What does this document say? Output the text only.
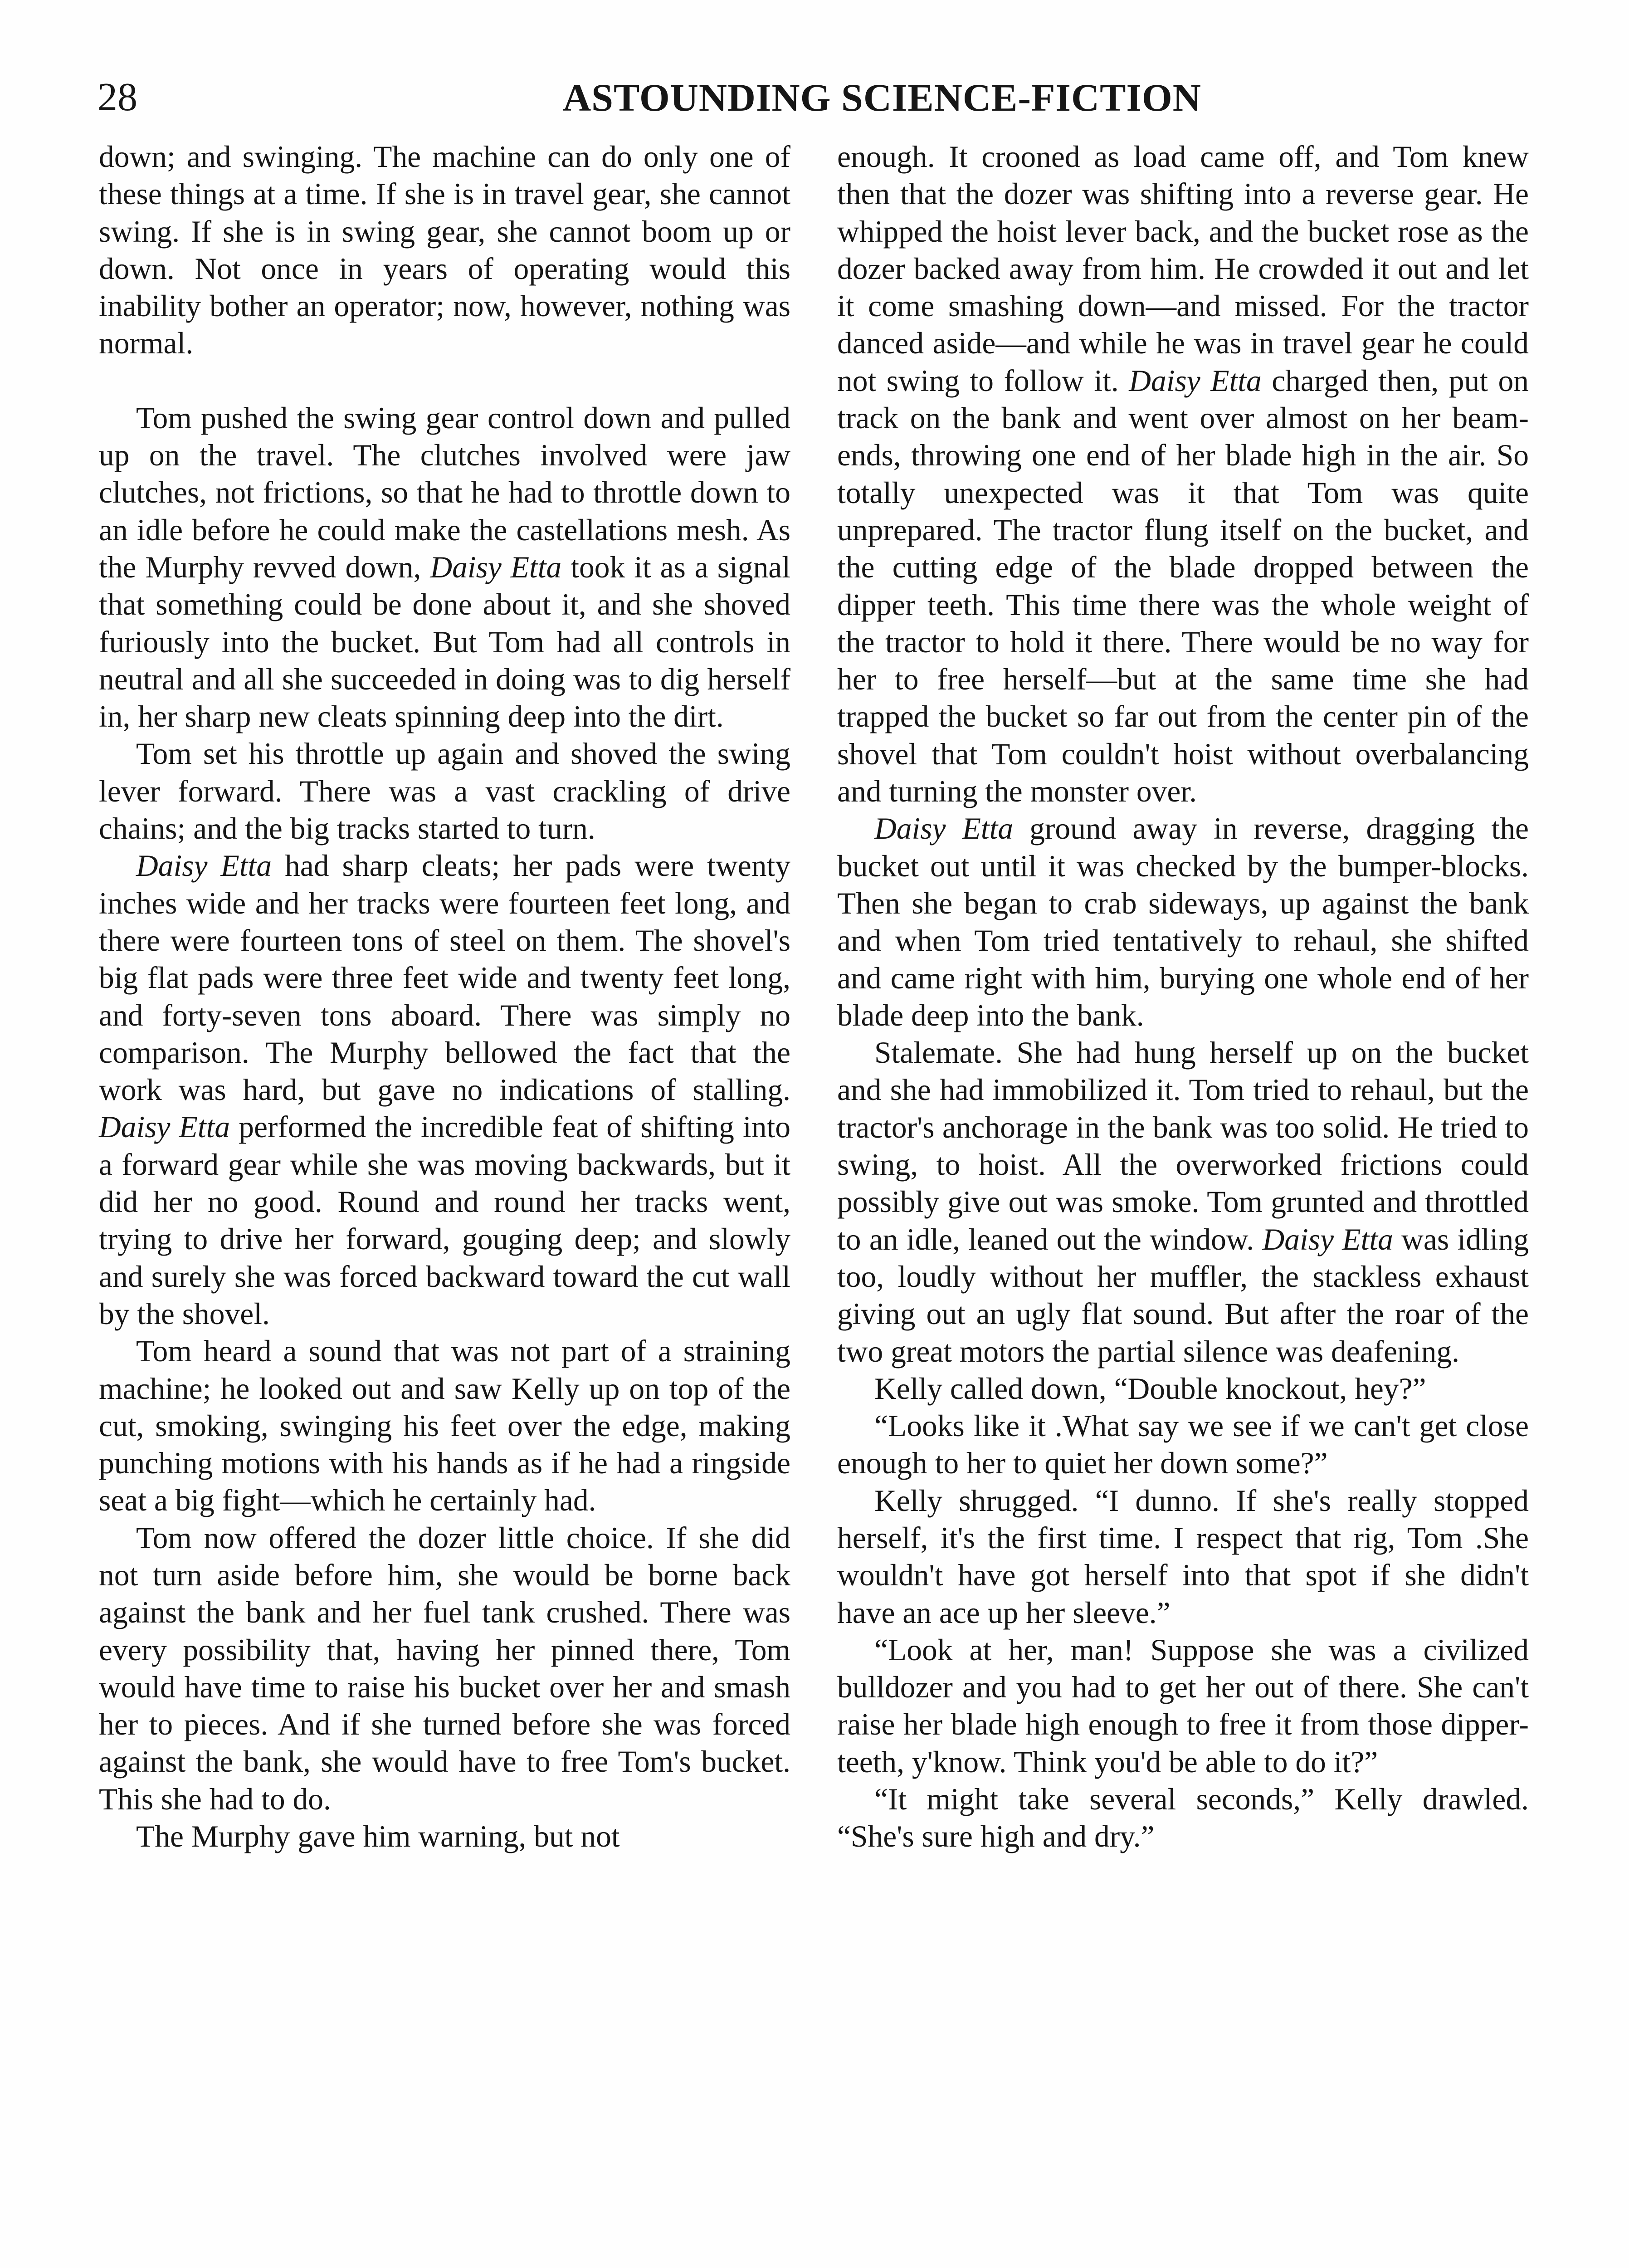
28	ASTOUNDING SCIENCE-FICTION

down; and swinging. The machine can do only one of these things at a time. If she is in travel gear, she cannot swing. If she is in swing gear, she cannot boom up or down. Not once in years of operating would this inability bother an operator; now, however, nothing was normal.

Tom pushed the swing gear control down and pulled up on the travel. The clutches involved were jaw clutches, not frictions, so that he had to throttle down to an idle before he could make the castellations mesh. As the Murphy revved down, Daisy Etta took it as a signal that something could be done about it, and she shoved furiously into the bucket. But Tom had all controls in neutral and all she succeeded in doing was to dig herself in, her sharp new cleats spinning deep into the dirt.

Tom set his throttle up again and shoved the swing lever forward. There was a vast crackling of drive chains; and the big tracks started to turn.

Daisy Etta had sharp cleats; her pads were twenty inches wide and her tracks were fourteen feet long, and there were fourteen tons of steel on them. The shovel's big flat pads were three feet wide and twenty feet long, and forty-seven tons aboard. There was simply no comparison. The Murphy bellowed the fact that the work was hard, but gave no indications of stalling. Daisy Etta performed the incredible feat of shifting into a forward gear while she was moving backwards, but it did her no good. Round and round her tracks went, trying to drive her forward, gouging deep; and slowly and surely she was forced backward toward the cut wall by the shovel.

Tom heard a sound that was not part of a straining machine; he looked out and saw Kelly up on top of the cut, smoking, swinging his feet over the edge, making punching motions with his hands as if he had a ringside seat a big fight—which he certainly had.

Tom now offered the dozer little choice. If she did not turn aside before him, she would be borne back against the bank and her fuel tank crushed. There was every possibility that, having her pinned there, Tom would have time to raise his bucket over her and smash her to pieces. And if she turned before she was forced against the bank, she would have to free Tom's bucket. This she had to do.

The Murphy gave him warning, but not

enough. It crooned as load came off, and Tom knew then that the dozer was shifting into a reverse gear. He whipped the hoist lever back, and the bucket rose as the dozer backed away from him. He crowded it out and let it come smashing down—and missed. For the tractor danced aside—and while he was in travel gear he could not swing to follow it. Daisy Etta charged then, put on track on the bank and went over almost on her beam-ends, throwing one end of her blade high in the air. So totally unexpected was it that Tom was quite unprepared. The tractor flung itself on the bucket, and the cutting edge of the blade dropped between the dipper teeth. This time there was the whole weight of the tractor to hold it there. There would be no way for her to free herself—but at the same time she had trapped the bucket so far out from the center pin of the shovel that Tom couldn't hoist without overbalancing and turning the monster over.

Daisy Etta ground away in reverse, dragging the bucket out until it was checked by the bumper-blocks. Then she began to crab sideways, up against the bank and when Tom tried tentatively to rehaul, she shifted and came right with him, burying one whole end of her blade deep into the bank.

Stalemate. She had hung herself up on the bucket and she had immobilized it. Tom tried to rehaul, but the tractor's anchorage in the bank was too solid. He tried to swing, to hoist. All the overworked frictions could possibly give out was smoke. Tom grunted and throttled to an idle, leaned out the window. Daisy Etta was idling too, loudly without her muffler, the stackless exhaust giving out an ugly flat sound. But after the roar of the two great motors the partial silence was deafening.

Kelly called down, “Double knockout, hey?”

“Looks like it .What say we see if we can't get close enough to her to quiet her down some?”

Kelly shrugged. “I dunno. If she's really stopped herself, it's the first time. I respect that rig, Tom .She wouldn't have got herself into that spot if she didn't have an ace up her sleeve.”

“Look at her, man! Suppose she was a civilized bulldozer and you had to get her out of there. She can't raise her blade high enough to free it from those dipper-teeth, y'know. Think you'd be able to do it?”

“It might take several seconds,” Kelly drawled. “She's sure high and dry.”
